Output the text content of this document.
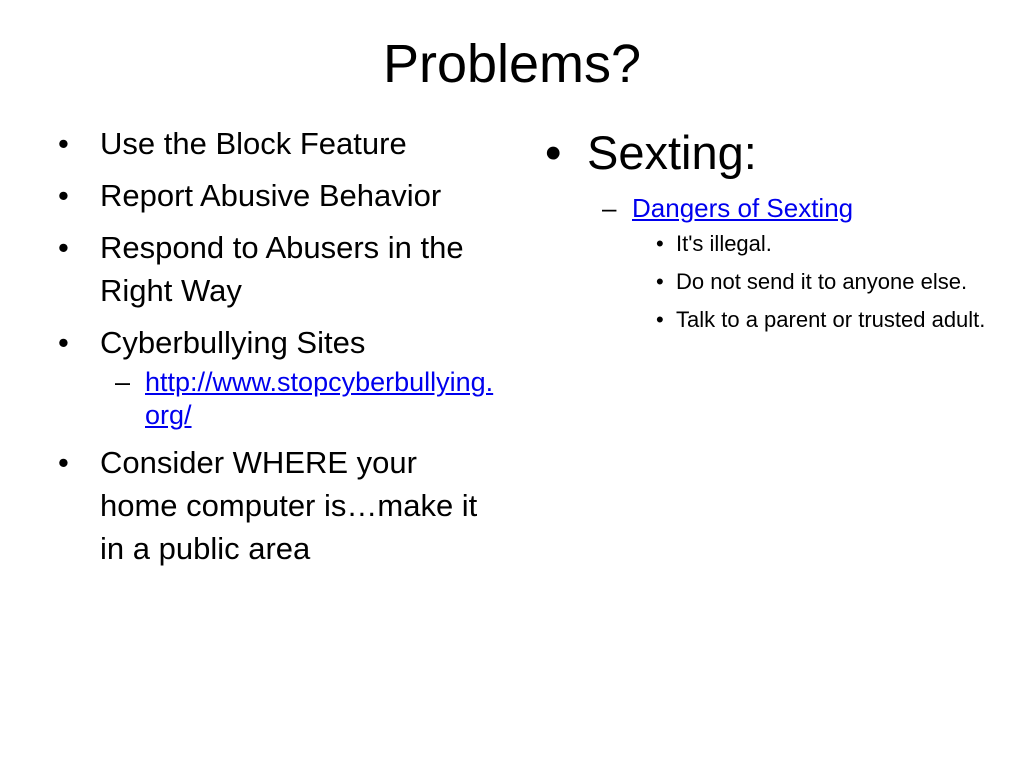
Problems?
•	Use the Block Feature
•	Report Abusive Behavior
•	Respond to Abusers in the Right Way
•	Cyberbullying Sites
– http://www.stopcyberbullying.org/
•	Consider WHERE your home computer is…make it in a public area
• Sexting:
– Dangers of Sexting
• It's illegal.
• Do not send it to anyone else.
• Talk to a parent or trusted adult.
